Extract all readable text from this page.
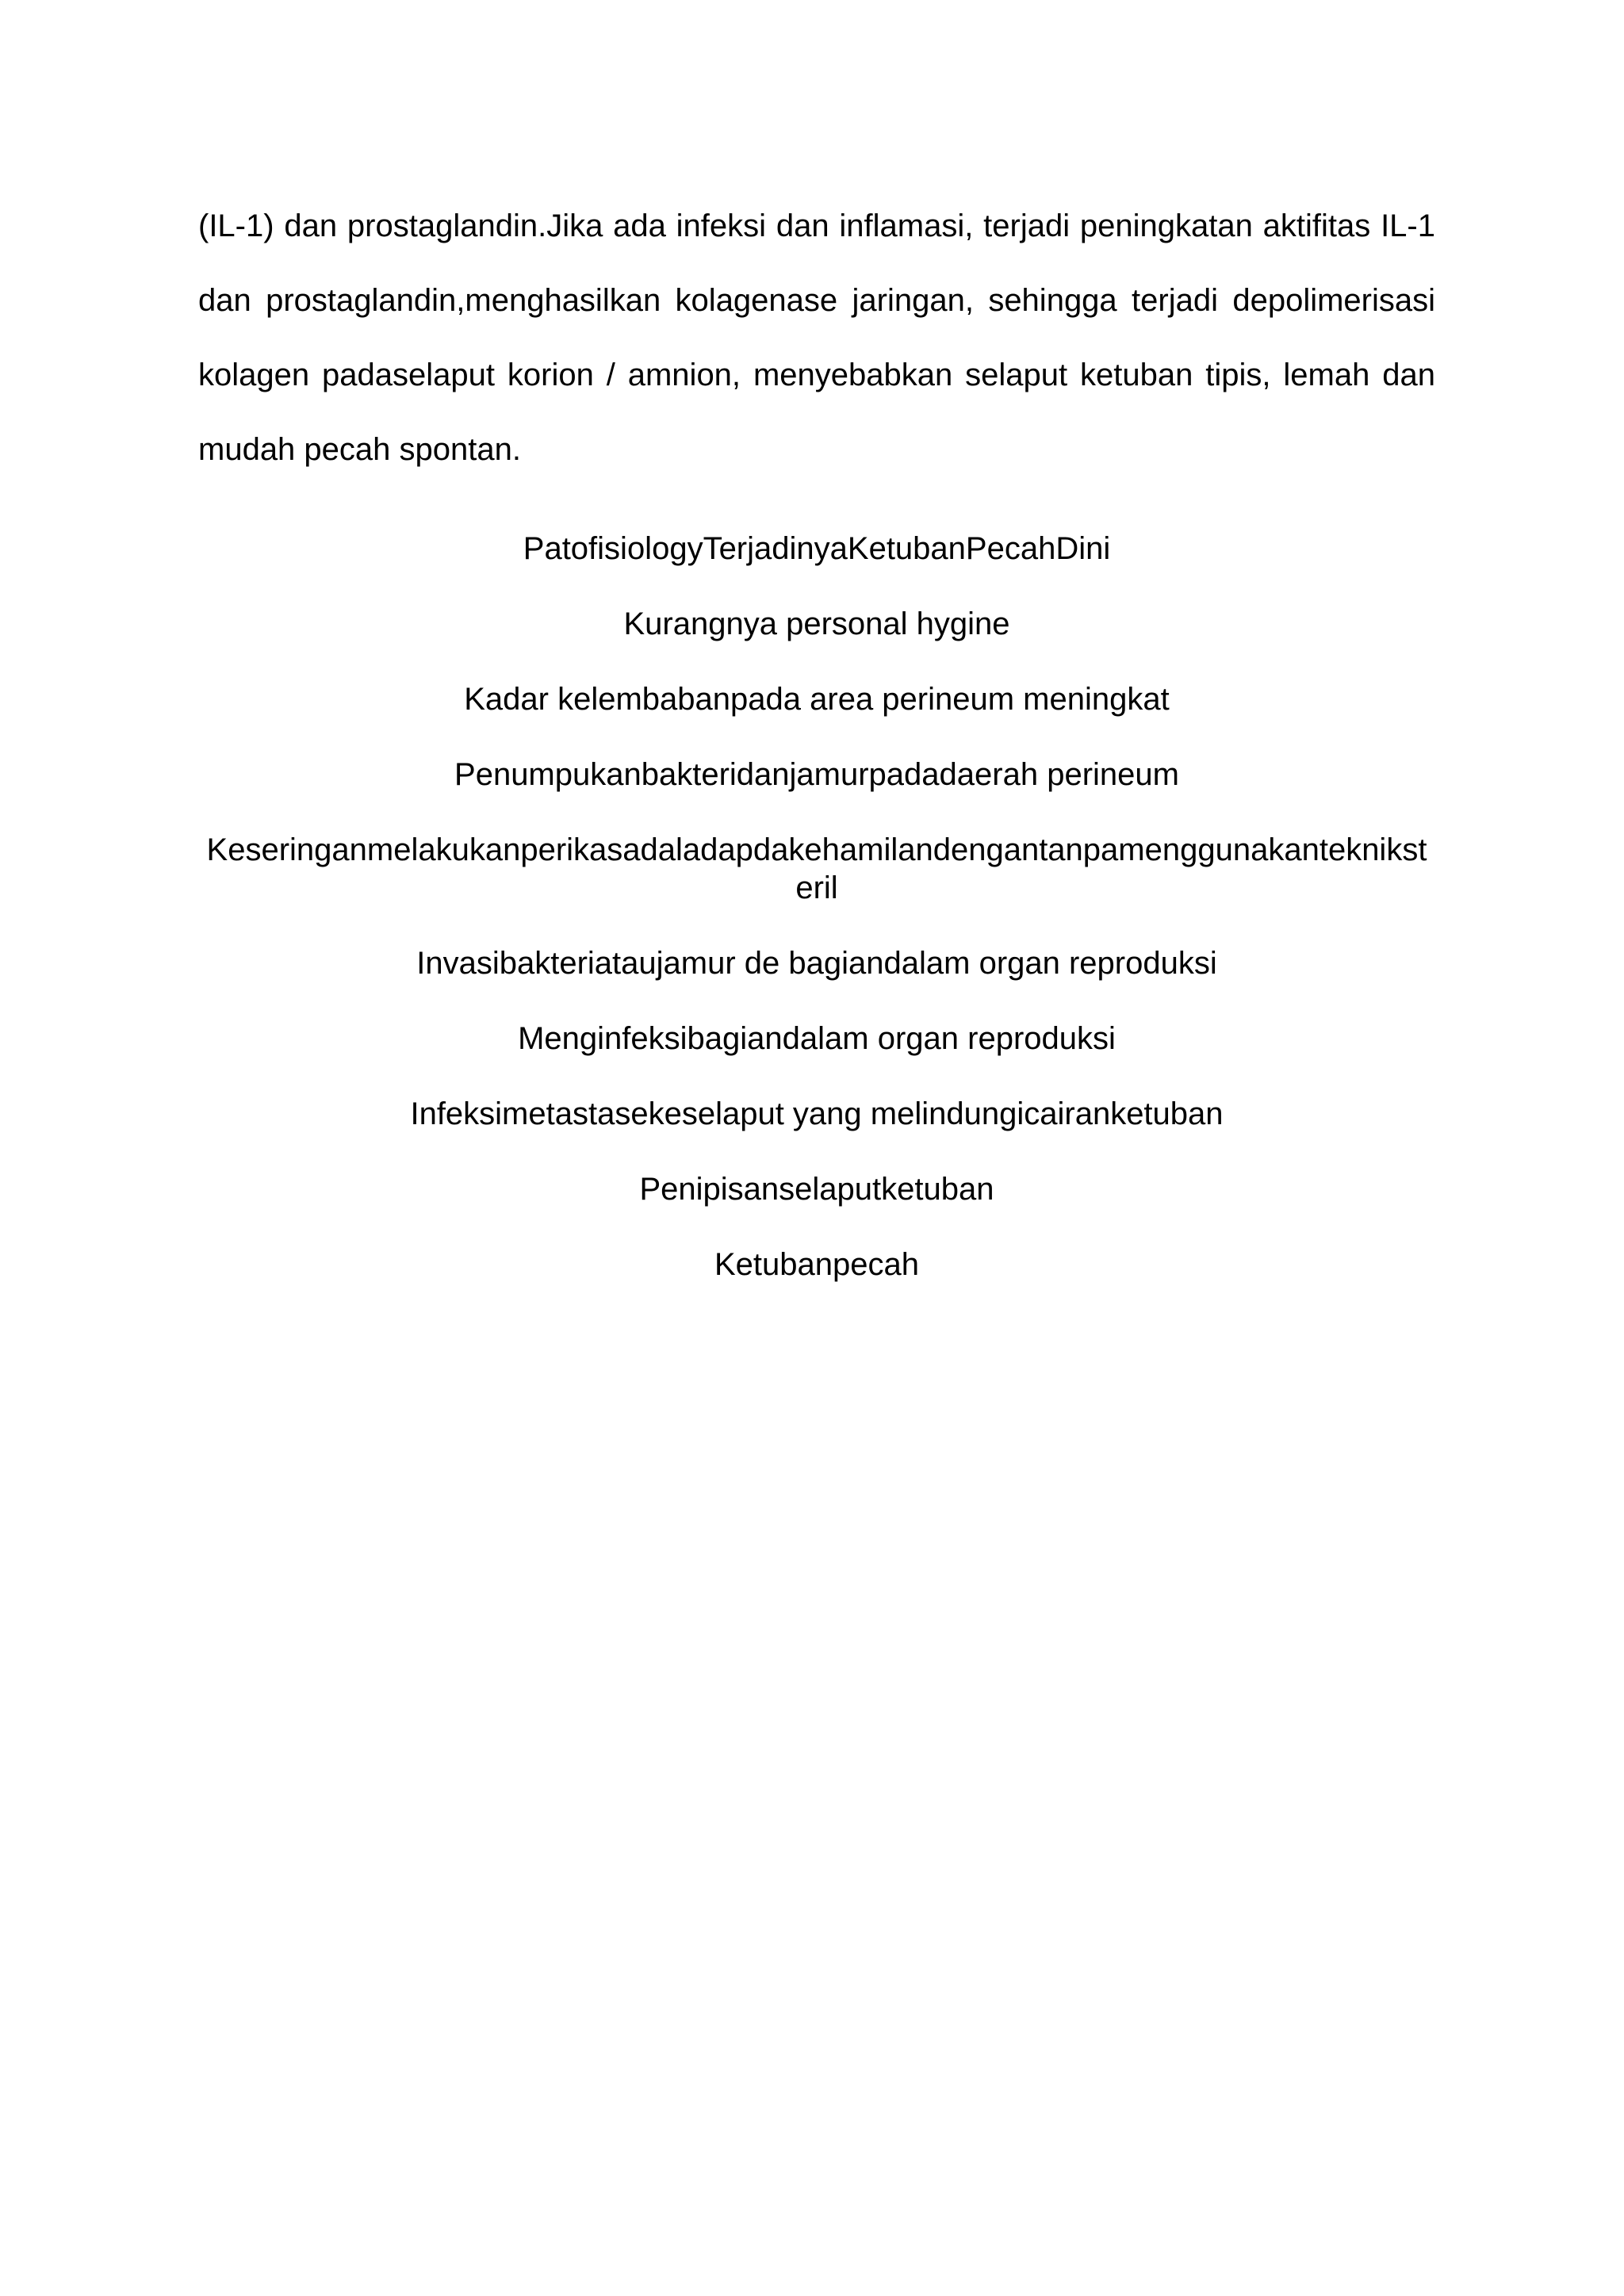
(IL-1) dan prostaglandin.Jika ada infeksi dan inflamasi, terjadi peningkatan aktifitas IL-1 dan prostaglandin,menghasilkan kolagenase jaringan, sehingga terjadi depolimerisasi kolagen padaselaput korion / amnion, menyebabkan selaput ketuban tipis, lemah dan mudah pecah spontan.

PatofisiologyTerjadinyaKetubanPecahDini
Kurangnya personal hygine
Kadar kelembabanpada area perineum meningkat
Penumpukanbakteridanjamurpadadaerah perineum
Keseringanmelakukanperikasadaladapdakehamilandengantanpamenggunakantekniksteril
Invasibakteriataujamur de bagiandalam organ reproduksi
Menginfeksibagiandalam organ reproduksi
Infeksimetastasekeselaput yang melindungicairanketuban
Penipisanselaputketuban
Ketubanpecah
